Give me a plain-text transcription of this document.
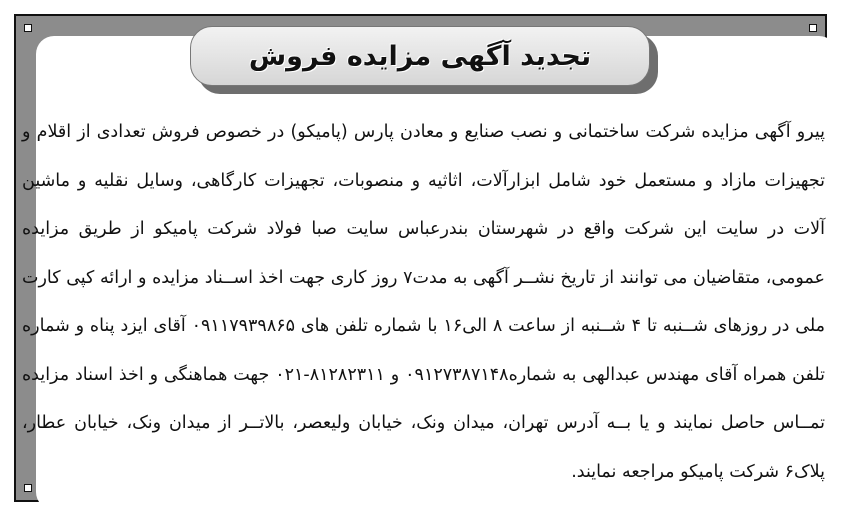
تجدید آگهی مزایده فروش
پیرو آگهی مزایده شرکت ساختمانی و نصب صنایع و معادن پارس (پامیکو) در خصوص فروش تعدادی از اقلام و تجهیزات مازاد و مستعمل خود شامل ابزارآلات، اثاثیه و منصوبات، تجهیزات کارگاهی، وسایل نقلیه و ماشین آلات در سایت این شرکت واقع در شهرستان بندرعباس سایت صبا فولاد شرکت پامیکو از طریق مزایده عمومی، متقاضیان می توانند از تاریخ نشــر آگهی به مدت۷ روز کاری جهت اخذ اســناد مزایده و ارائه کپی کارت ملی در روزهای شــنبه تا ۴ شــنبه از ساعت ۸ الی۱۶ با شماره تلفن های ۰۹۱۱۷۹۳۹۸۶۵ آقای ایزد پناه و شماره تلفن همراه آقای مهندس عبدالهی به شماره۰۹۱۲۷۳۸۷۱۴۸ و ۸۱۲۸۲۳۱۱-۰۲۱ جهت هماهنگی و اخذ اسناد مزایده تمــاس حاصل نمایند و یا بــه آدرس تهران، میدان ونک، خیابان ولیعصر، بالاتــر از میدان ونک، خیابان عطار، پلاک۶ شرکت پامیکو مراجعه نمایند.
